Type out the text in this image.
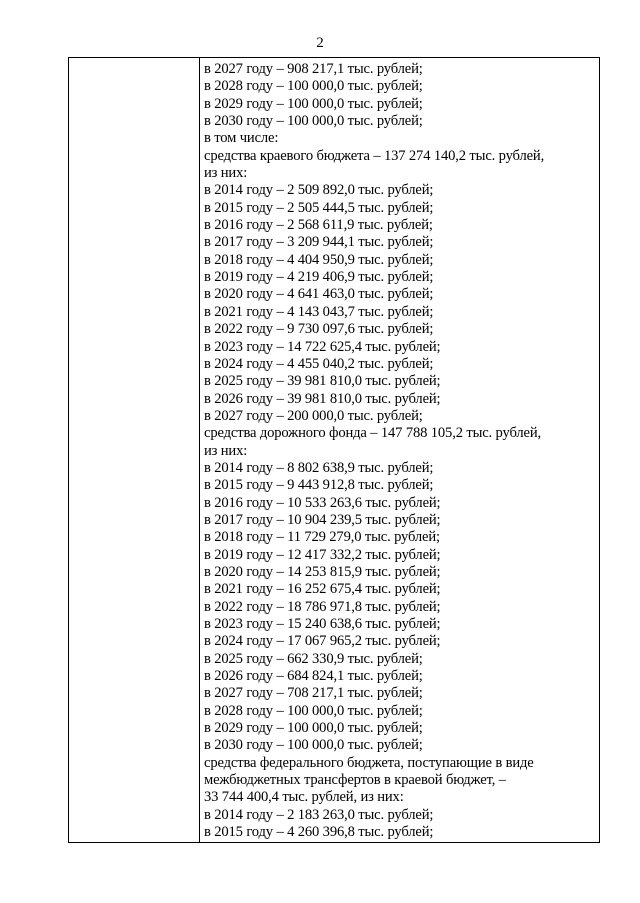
2
в 2027 году – 908 217,1 тыс. рублей;
в 2028 году – 100 000,0 тыс. рублей;
в 2029 году – 100 000,0 тыс. рублей;
в 2030 году – 100 000,0 тыс. рублей;
в том числе:
средства краевого бюджета – 137 274 140,2 тыс. рублей,
из них:
в 2014 году – 2 509 892,0 тыс. рублей;
в 2015 году – 2 505 444,5 тыс. рублей;
в 2016 году – 2 568 611,9 тыс. рублей;
в 2017 году – 3 209 944,1 тыс. рублей;
в 2018 году – 4 404 950,9 тыс. рублей;
в 2019 году – 4 219 406,9 тыс. рублей;
в 2020 году – 4 641 463,0 тыс. рублей;
в 2021 году – 4 143 043,7 тыс. рублей;
в 2022 году – 9 730 097,6 тыс. рублей;
в 2023 году – 14 722 625,4 тыс. рублей;
в 2024 году – 4 455 040,2 тыс. рублей;
в 2025 году – 39 981 810,0 тыс. рублей;
в 2026 году – 39 981 810,0 тыс. рублей;
в 2027 году – 200 000,0 тыс. рублей;
средства дорожного фонда – 147 788 105,2 тыс. рублей,
из них:
в 2014 году – 8 802 638,9 тыс. рублей;
в 2015 году – 9 443 912,8 тыс. рублей;
в 2016 году – 10 533 263,6 тыс. рублей;
в 2017 году – 10 904 239,5 тыс. рублей;
в 2018 году – 11 729 279,0 тыс. рублей;
в 2019 году – 12 417 332,2 тыс. рублей;
в 2020 году – 14 253 815,9 тыс. рублей;
в 2021 году – 16 252 675,4 тыс. рублей;
в 2022 году – 18 786 971,8 тыс. рублей;
в 2023 году – 15 240 638,6 тыс. рублей;
в 2024 году – 17 067 965,2 тыс. рублей;
в 2025 году – 662 330,9 тыс. рублей;
в 2026 году – 684 824,1 тыс. рублей;
в 2027 году – 708 217,1 тыс. рублей;
в 2028 году – 100 000,0 тыс. рублей;
в 2029 году – 100 000,0 тыс. рублей;
в 2030 году – 100 000,0 тыс. рублей;
средства федерального бюджета, поступающие в виде
межбюджетных трансфертов в краевой бюджет, –
33 744 400,4 тыс. рублей, из них:
в 2014 году – 2 183 263,0 тыс. рублей;
в 2015 году – 4 260 396,8 тыс. рублей;
